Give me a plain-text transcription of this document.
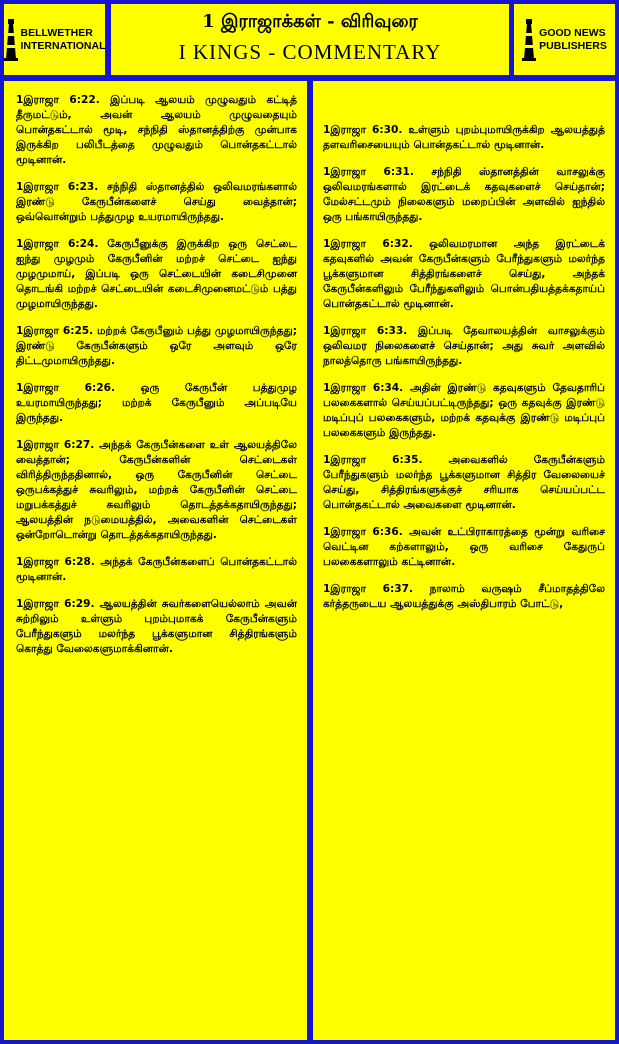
BELLWETHER
INTERNATIONAL
1 இராஜாக்கள் - விரிவுரை
I KINGS - COMMENTARY
GOOD NEWS
PUBLISHERS

1இராஜா 6:22. இப்படி ஆலயம் முழுவதும் கட்டித் தீருமட்டும், அவன் ஆலயம் முழுவதையும் பொன்தகட்டால் மூடி, சந்நிதி ஸ்தானத்திற்கு முன்பாக இருக்கிற பலிபீடத்தை முழுவதும் பொன்தகட்டால் மூடினான்.

1இராஜா 6:23. சந்நிதி ஸ்தானத்தில் ஒலிவமரங்களால் இரண்டு கேருபீன்களைச் செய்து வைத்தான்; ஒவ்வொன்றும் பத்துமுழ உயரமாயிருந்தது.

1இராஜா 6:24. கேருபீனுக்கு இருக்கிற ஒரு செட்டை ஐந்து முழமும் கேருபீனின் மற்றச் செட்டை ஐந்து முழமுமாய், இப்படி ஒரு செட்டையின் கடைசிமுனை தொடங்கி மற்றச் செட்டையின் கடைசிமுனைமட்டும் பத்து முழமாயிருந்தது.

1இராஜா 6:25. மற்றக் கேருபீனும் பத்து முழமாயிருந்தது; இரண்டு கேருபீன்களும் ஒரே அளவும் ஒரே திட்டமுமாயிருந்தது.

1இராஜா 6:26. ஒரு கேருபீன் பத்துமுழ உயரமாயிருந்தது; மற்றக் கேருபீனும் அப்படியே இருந்தது.

1இராஜா 6:27. அந்தக் கேருபீன்களை உள் ஆலயத்திலே வைத்தான்; கேருபீன்களின் செட்டைகள் விரித்திருந்ததினால், ஒரு கேருபீனின் செட்டை ஒருபக்கத்துச் சுவரிலும், மற்றக் கேருபீனின் செட்டை மறுபக்கத்துச் சுவரிலும் தொடத்தக்கதாயிருந்தது; ஆலயத்தின் நடுமையத்தில், அவைகளின் செட்டைகள் ஒன்றோடொன்று தொடத்தக்கதாயிருந்தது.

1இராஜா 6:28. அந்தக் கேருபீன்களைப் பொன்தகட்டால் மூடினான்.

1இராஜா 6:29. ஆலயத்தின் சுவர்களையெல்லாம் அவன் சுற்றிலும் உள்ளும் புறம்புமாகக் கேருபீன்களும் பேரீந்துகளும் மலர்ந்த பூக்களுமான சித்திரங்களும் கொத்து வேலைகளுமாக்கினான்.

1இராஜா 6:30. உள்ளும் புறம்புமாயிருக்கிற ஆலயத்துத் தளவரிசையையும் பொன்தகட்டால் மூடினான்.

1இராஜா 6:31. சந்நிதி ஸ்தானத்தின் வாசலுக்கு ஒலிவமரங்களால் இரட்டைக் கதவுகளைச் செய்தான்; மேல்சட்டமும் நிலைகளும் மறைப்பின் அளவில் ஐந்தில் ஒரு பங்காயிருந்தது.

1இராஜா 6:32. ஒலிவமரமான அந்த இரட்டைக் கதவுகளில் அவன் கேருபீன்களும் பேரீந்துகளும் மலர்ந்த பூக்களுமான சித்திரங்களைச் செய்து, அந்தக் கேருபீன்களிலும் பேரீந்துகளிலும் பொன்பதியத்தக்கதாய்ப் பொன்தகட்டால் மூடினான்.

1இராஜா 6:33. இப்படி தேவாலயத்தின் வாசலுக்கும் ஒலிவமர நிலைகளைச் செய்தான்; அது சுவர் அளவில் நாலத்தொரு பங்காயிருந்தது.

1இராஜா 6:34. அதின் இரண்டு கதவுகளும் தேவதாரிப் பலகைகளால் செய்யப்பட்டிருந்தது; ஒரு கதவுக்கு இரண்டு மடிப்புப் பலகைகளும், மற்றக் கதவுக்கு இரண்டு மடிப்புப் பலகைகளும் இருந்தது.

1இராஜா 6:35. அவைகளில் கேருபீன்களும் பேரீந்துகளும் மலர்ந்த பூக்களுமான சித்திர வேலையைச் செய்து, சித்திரங்களுக்குச் சரியாக செய்யப்பட்ட பொன்தகட்டால் அவைகளை மூடினான்.

1இராஜா 6:36. அவன் உட்பிராகாரத்தை மூன்று வரிசை வெட்டின கற்களாலும், ஒரு வரிசை கேதுருப் பலகைகளாலும் கட்டினான்.

1இராஜா 6:37. நாலாம் வருஷம் சீப்மாதத்திலே கர்த்தருடைய ஆலயத்துக்கு அஸ்திபாரம் போட்டு,
